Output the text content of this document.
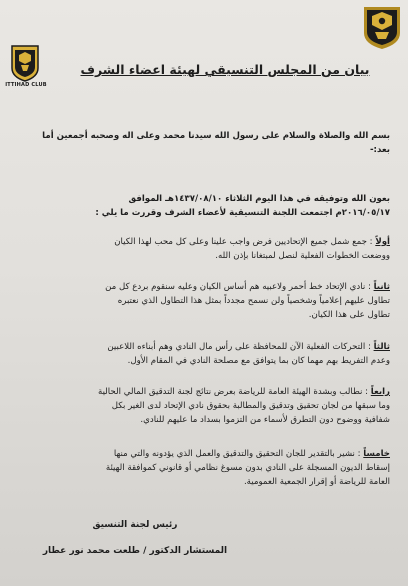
ITTIHAD CLUB
بيان من المجلس التنسيقي لهيئة اعضاء الشرف
بسم الله والصلاة والسلام على رسول الله سيدنا محمد وعلى اله وصحبه أجمعين أما
بعد:-
بعون الله وتوفيقه في هذا اليوم الثلاثاء ١٤٣٧/٠٨/١٠هـ الموافق
٢٠١٦/٠٥/١٧م اجتمعت اللجنة التنسيقية لأعضاء الشرف وقررت ما يلي :
أولاً : جمع شمل جميع الإتحاديين فرض واجب علينا وعلى كل محب لهذا الكيان
ووضعت الخطوات الفعلية لنصل لمبتغانا بإذن الله.
ثانياً : نادي الإتحاد خط أحمر ولاعبيه هم أساس الكيان وعليه سنقوم بردع كل من
تطاول عليهم إعلامياً وشخصياً ولن نسمح مجدداً بمثل هذا التطاول الذي نعتبره
تطاول على هذا الكيان.
ثالثاً : التحركات الفعلية الآن للمحافظة على رأس مال النادي وهم أبناءه اللاعبين
وعدم التفريط بهم مهما كان بما يتوافق مع مصلحة النادي في المقام الأول.
رابعاً : نطالب وبشدة الهيئة العامة للرياضة بعرض نتائج لجنة التدقيق المالي الحالية
وما سبقها من لجان تحقيق وتدقيق والمطالبة بحقوق نادي الإتحاد لدى الغير بكل
شفافية ووضوح دون التطرق لأسماء من التزموا بسداد ما عليهم للنادي.
خامساً : نشير بالتقدير للجان التحقيق والتدقيق والعمل الذي يؤدونه والتي منها
إسقاط الديون المسجلة على النادي بدون مسوغ نظامي أو قانوني كموافقة الهيئة
العامة للرياضة أو إقرار الجمعية العمومية.
رئيس لجنة التنسيق
المستشار الدكتور / طلعت محمد نور عطار
